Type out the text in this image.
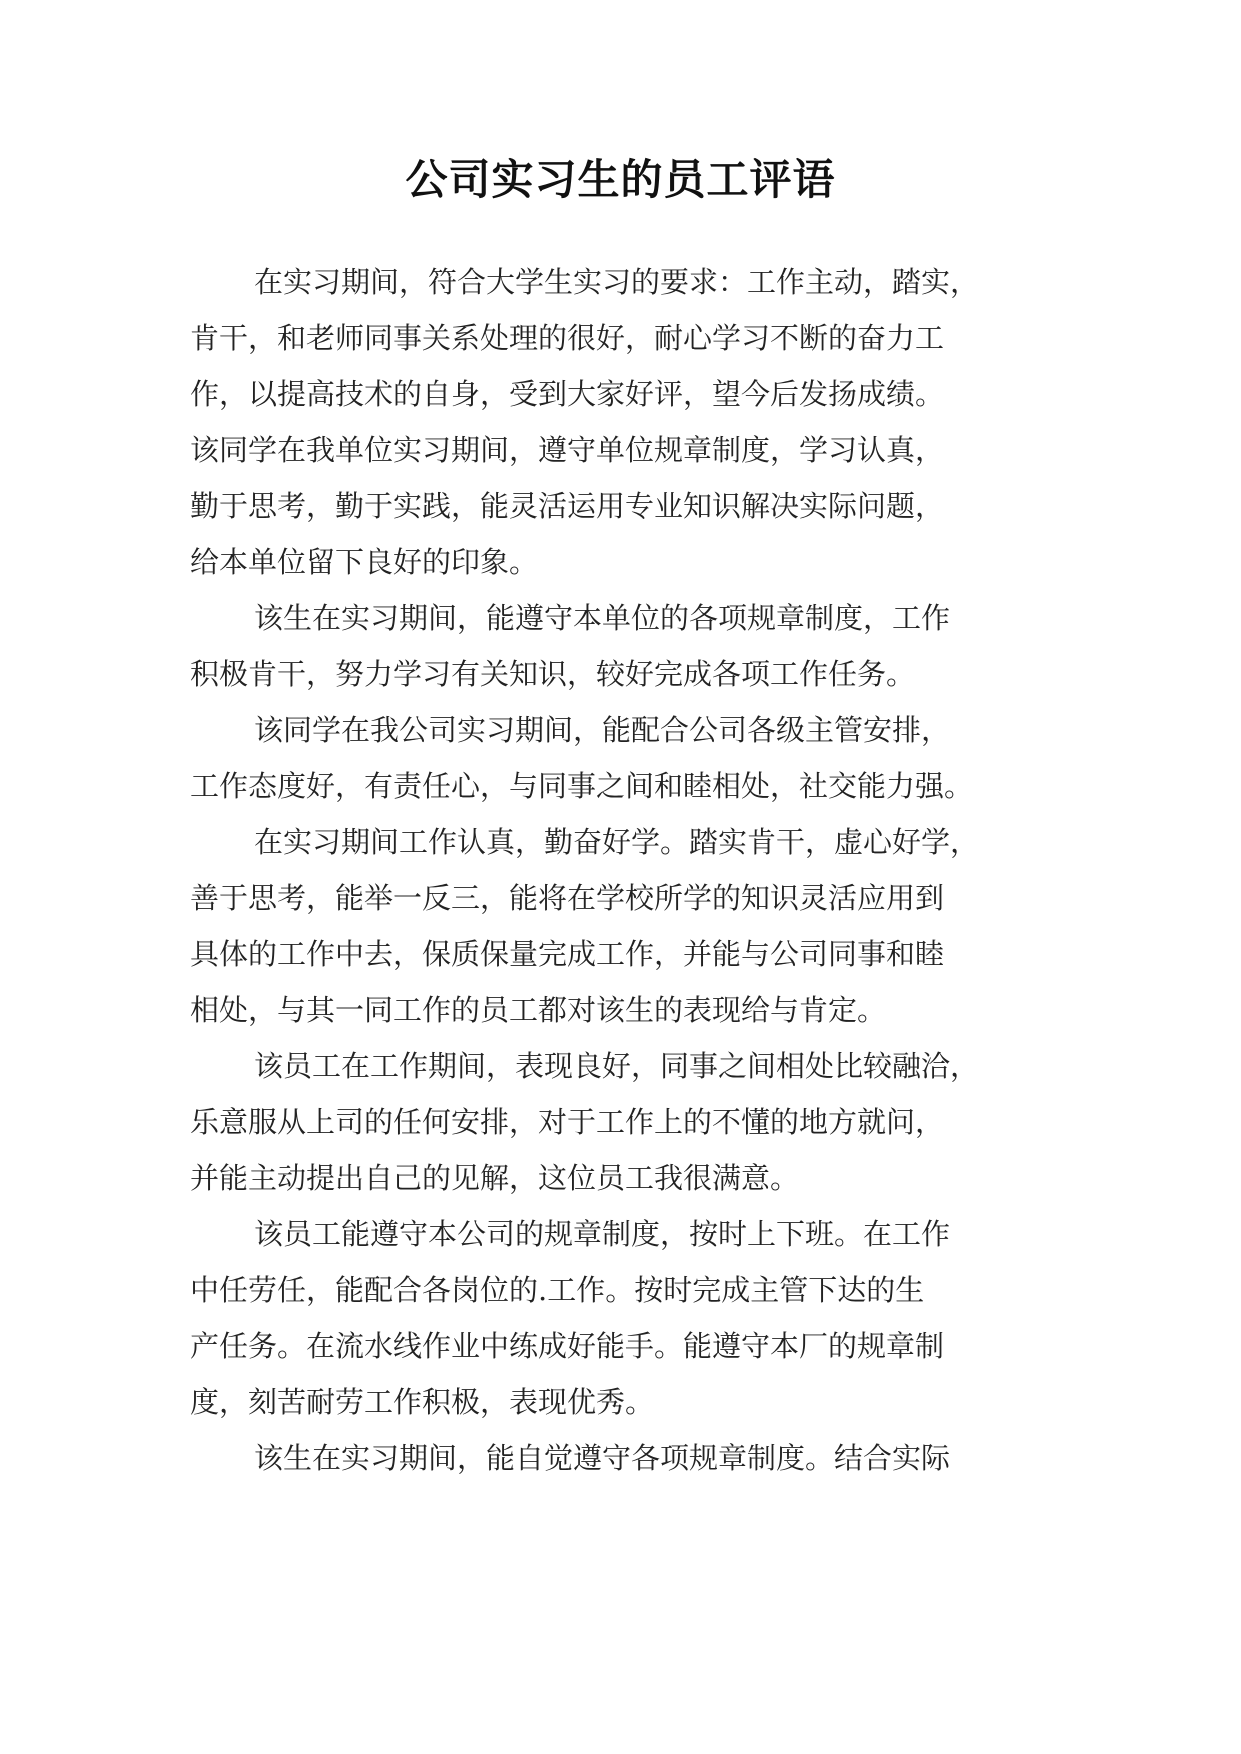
公司实习生的员工评语
在实习期间，符合大学生实习的要求：工作主动，踏实，
肯干，和老师同事关系处理的很好，耐心学习不断的奋力工
作，以提高技术的自身，受到大家好评，望今后发扬成绩。
该同学在我单位实习期间，遵守单位规章制度，学习认真，
勤于思考，勤于实践，能灵活运用专业知识解决实际问题，
给本单位留下良好的印象。
该生在实习期间，能遵守本单位的各项规章制度，工作
积极肯干，努力学习有关知识，较好完成各项工作任务。
该同学在我公司实习期间，能配合公司各级主管安排，
工作态度好，有责任心，与同事之间和睦相处，社交能力强。
在实习期间工作认真，勤奋好学。踏实肯干，虚心好学，
善于思考，能举一反三，能将在学校所学的知识灵活应用到
具体的工作中去，保质保量完成工作，并能与公司同事和睦
相处，与其一同工作的员工都对该生的表现给与肯定。
该员工在工作期间，表现良好，同事之间相处比较融洽，
乐意服从上司的任何安排，对于工作上的不懂的地方就问，
并能主动提出自己的见解，这位员工我很满意。
该员工能遵守本公司的规章制度，按时上下班。在工作
中任劳任，能配合各岗位的.工作。按时完成主管下达的生
产任务。在流水线作业中练成好能手。能遵守本厂的规章制
度，刻苦耐劳工作积极，表现优秀。
该生在实习期间，能自觉遵守各项规章制度。结合实际
